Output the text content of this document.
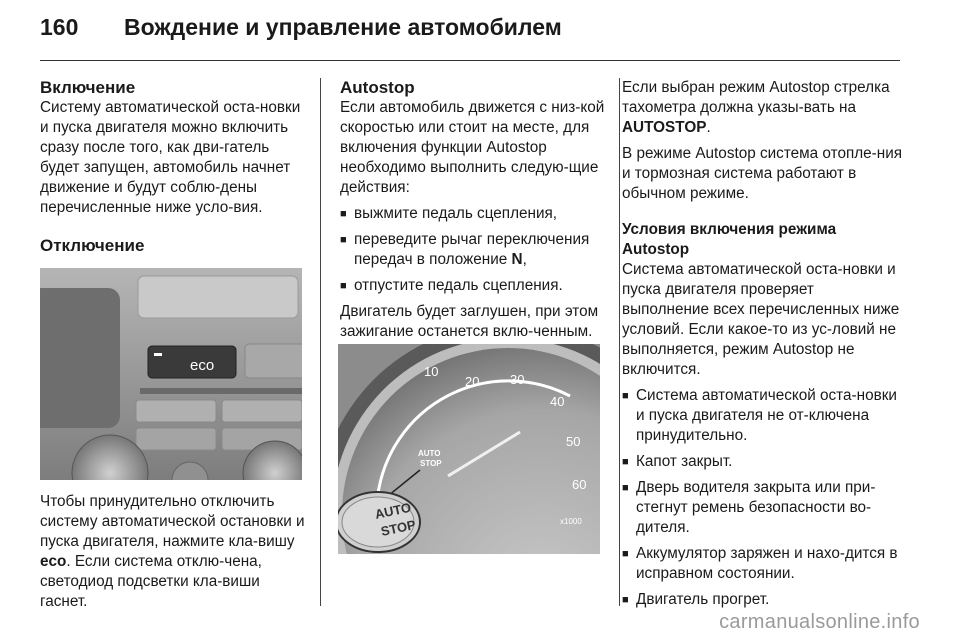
160 Вождение и управление автомобилем
Включение

Систему автоматической оста-новки и пуска двигателя можно включить сразу после того, как дви-гатель будет запущен, автомобиль начнет движение и будут соблю-дены перечисленные ниже усло-вия.

Отключение
eco

Чтобы принудительно отключить систему автоматической остановки и пуска двигателя, нажмите кла-вишу eco. Если система отклю-чена, светодиод подсветки кла-виши гаснет.

Autostop

Если автомобиль движется с низ-кой скоростью или стоит на месте, для включения функции Autostop необходимо выполнить следую-щие действия:

■ выжмите педаль сцепления,
■ переведите рычаг переключения передач в положение N,
■ отпустите педаль сцепления.

Двигатель будет заглушен, при этом зажигание останется вклю-ченным.

10
20 30
40
50
60
x1000
AUTO
STOP
AUTO
STOP

Если выбран режим Autostop стрелка тахометра должна указы-вать на AUTOSTOP.

В режиме Autostop система отопле-ния и тормозная система работают в обычном режиме.

Условия включения режима
Autostop

Система автоматической оста-новки и пуска двигателя проверяет выполнение всех перечисленных ниже условий. Если какое-то из ус-ловий не выполняется, режим Autostop не включится.

■ Система автоматической оста-новки и пуска двигателя не от-ключена принудительно.
■ Капот закрыт.
■ Дверь водителя закрыта или при-стегнут ремень безопасности во-дителя.
■ Аккумулятор заряжен и нахо-дится в исправном состоянии.
■ Двигатель прогрет.
carmanualsonline.info
